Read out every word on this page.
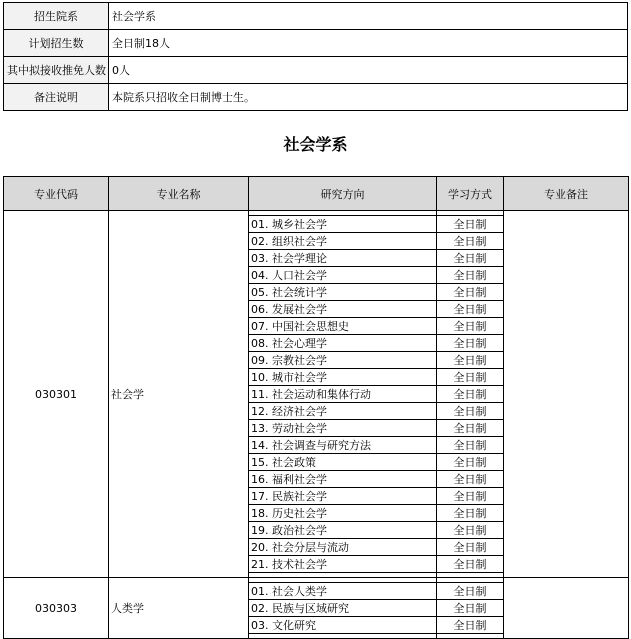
招生院系	社会学系
计划招生数	全日制18人
其中拟接收推免人数	0人
备注说明	本院系只招收全日制博士生。
社会学系
专业代码	专业名称	研究方向	学习方式	专业备注
030301	社会学			
		01. 城乡社会学	全日制	
		02. 组织社会学	全日制	
		03. 社会学理论	全日制	
		04. 人口社会学	全日制	
		05. 社会统计学	全日制	
		06. 发展社会学	全日制	
		07. 中国社会思想史	全日制	
		08. 社会心理学	全日制	
		09. 宗教社会学	全日制	
		10. 城市社会学	全日制	
		11. 社会运动和集体行动	全日制	
		12. 经济社会学	全日制	
		13. 劳动社会学	全日制	
		14. 社会调查与研究方法	全日制	
		15. 社会政策	全日制	
		16. 福利社会学	全日制	
		17. 民族社会学	全日制	
		18. 历史社会学	全日制	
		19. 政治社会学	全日制	
		20. 社会分层与流动	全日制	
		21. 技术社会学	全日制	

030303	人类学			
		01. 社会人类学	全日制	
		02. 民族与区域研究	全日制	
		03. 文化研究	全日制	
